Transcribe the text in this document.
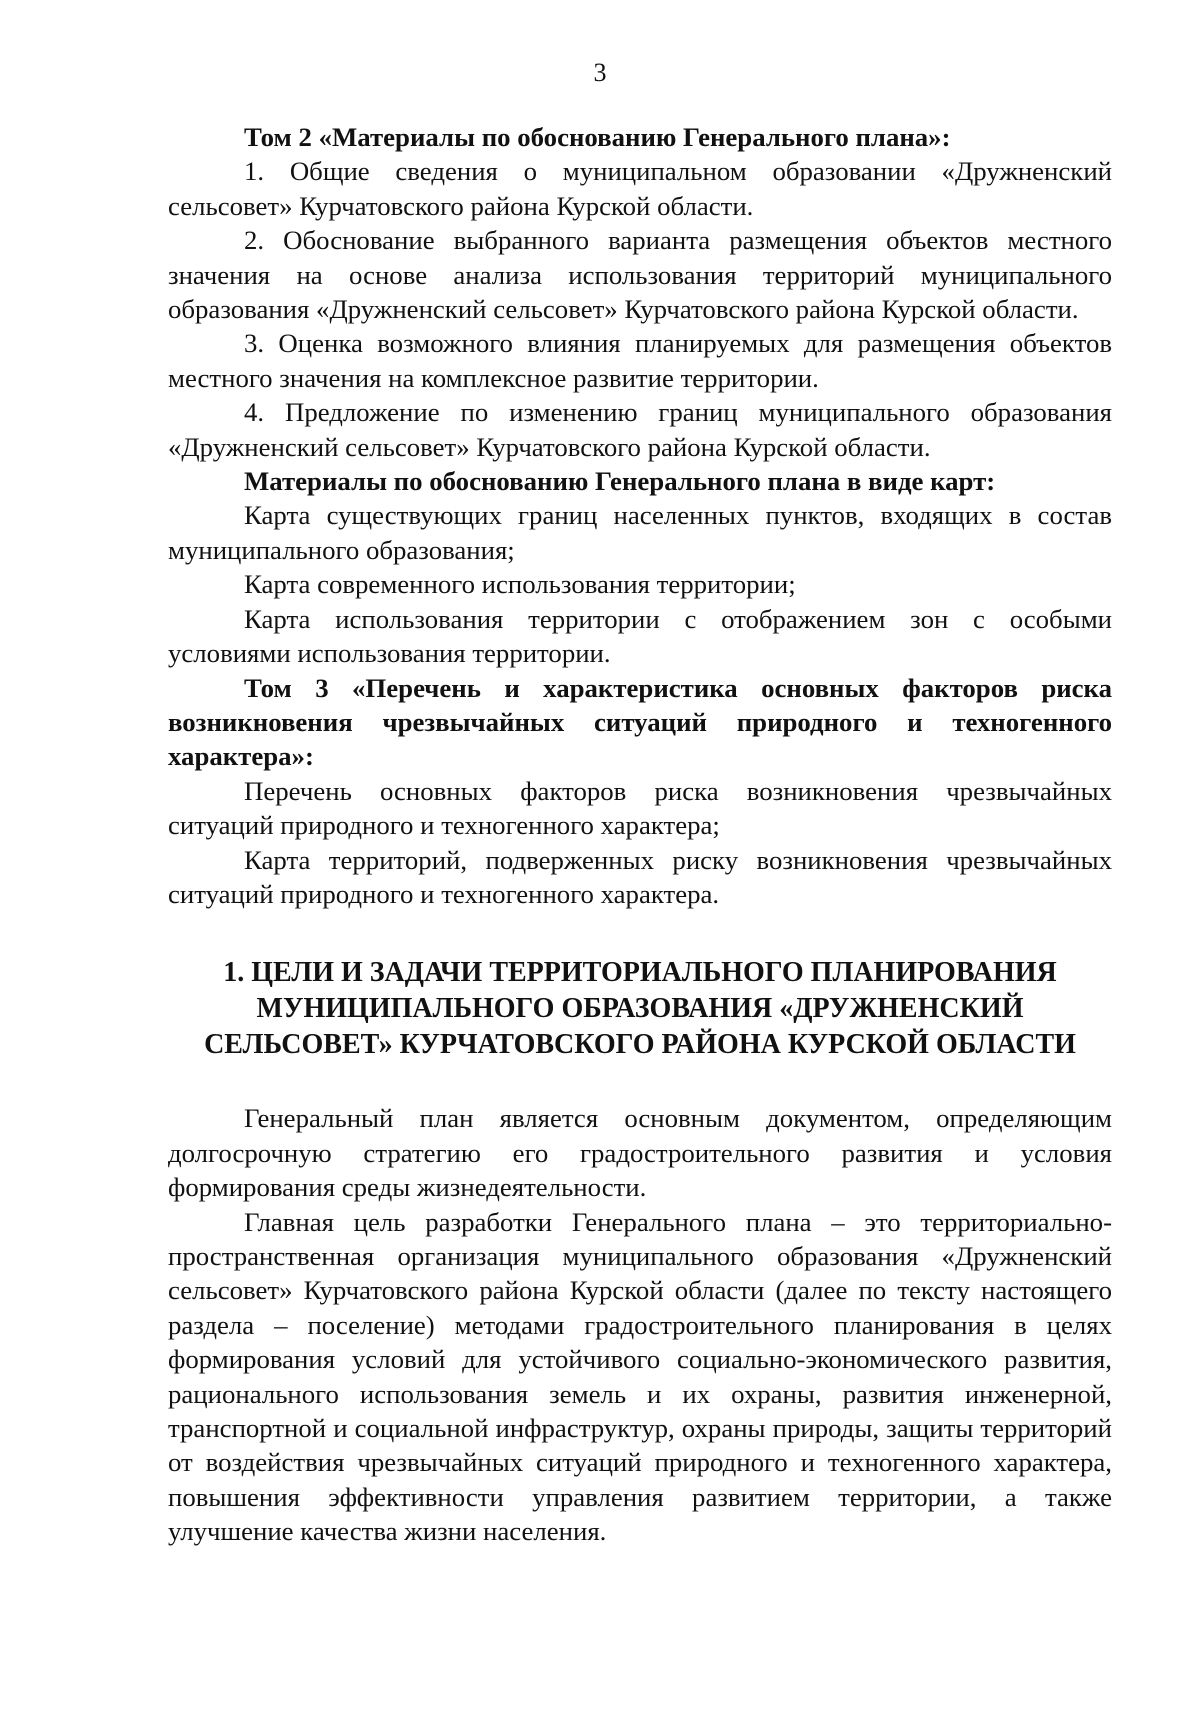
3

Том 2 «Материалы по обоснованию Генерального плана»:

1. Общие сведения о муниципальном образовании «Дружненский сельсовет» Курчатовского района Курской области.

2. Обоснование выбранного варианта размещения объектов местного значения на основе анализа использования территорий муниципального образования «Дружненский сельсовет» Курчатовского района Курской области.

3. Оценка возможного влияния планируемых для размещения объектов местного значения на комплексное развитие территории.

4. Предложение по изменению границ муниципального образования «Дружненский сельсовет» Курчатовского района Курской области.

Материалы по обоснованию Генерального плана в виде карт:

Карта существующих границ населенных пунктов, входящих в состав муниципального образования;

Карта современного использования территории;

Карта использования территории с отображением зон с особыми условиями использования территории.

Том 3 «Перечень и характеристика основных факторов риска возникновения чрезвычайных ситуаций природного и техногенного характера»:

Перечень основных факторов риска возникновения чрезвычайных ситуаций природного и техногенного характера;

Карта территорий, подверженных риску возникновения чрезвычайных ситуаций природного и техногенного характера.

1. ЦЕЛИ И ЗАДАЧИ ТЕРРИТОРИАЛЬНОГО ПЛАНИРОВАНИЯ
МУНИЦИПАЛЬНОГО ОБРАЗОВАНИЯ «ДРУЖНЕНСКИЙ
СЕЛЬСОВЕТ» КУРЧАТОВСКОГО РАЙОНА КУРСКОЙ ОБЛАСТИ

Генеральный план является основным документом, определяющим долгосрочную стратегию его градостроительного развития и условия формирования среды жизнедеятельности.

Главная цель разработки Генерального плана – это территориально-пространственная организация муниципального образования «Дружненский сельсовет» Курчатовского района Курской области (далее по тексту настоящего раздела – поселение) методами градостроительного планирования в целях формирования условий для устойчивого социально-экономического развития, рационального использования земель и их охраны, развития инженерной, транспортной и социальной инфраструктур, охраны природы, защиты территорий от воздействия чрезвычайных ситуаций природного и техногенного характера, повышения эффективности управления развитием территории, а также улучшение качества жизни населения.
